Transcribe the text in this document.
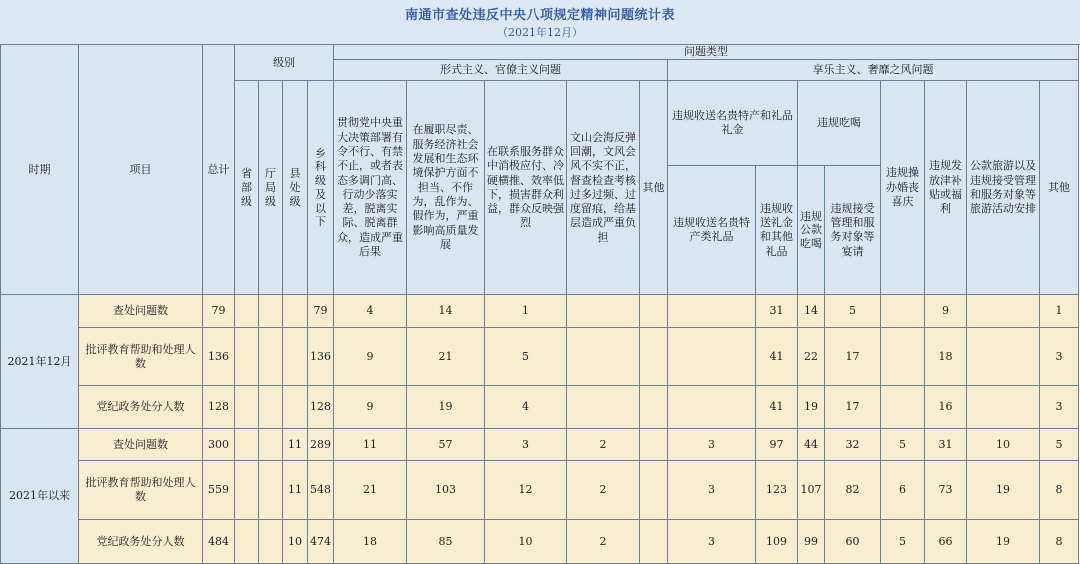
南通市查处违反中央八项规定精神问题统计表
（2021年12月）
时期	项目	总计	级别				问题类型												
							形式主义、官僚主义问题					享乐主义、奢靡之风问题							
			省部级	厅局级	县处级	乡科级及以下	贯彻党中央重大决策部署有令不行、有禁不止，或者表态多调门高、行动少落实差，脱离实际、脱离群众，造成严重后果	在履职尽责、服务经济社会发展和生态环境保护方面不担当、不作为，乱作为、假作为，严重影响高质量发展	在联系服务群众中消极应付、冷硬横推、效率低下，损害群众利益，群众反映强烈	文山会海反弹回潮，文风会风不实不正，督查检查考核过多过频、过度留痕，给基层造成严重负担	其他	违规收送名贵特产和礼品礼金		违规吃喝		违规操办婚丧喜庆	违规发放津补贴或福利	公款旅游以及违规接受管理和服务对象等旅游活动安排	其他
												违规收送名贵特产类礼品	违规收送礼金和其他礼品	违规公款吃喝	违规接受管理和服务对象等宴请				
2021年12月	查处问题数	79				79	4	14	1				31	14	5		9		1
	批评教育帮助和处理人数	136				136	9	21	5				41	22	17		18		3
	党纪政务处分人数	128				128	9	19	4				41	19	17		16		3
2021年以来	查处问题数	300			11	289	11	57	3	2		3	97	44	32	5	31	10	5
	批评教育帮助和处理人数	559			11	548	21	103	12	2		3	123	107	82	6	73	19	8
	党纪政务处分人数	484			10	474	18	85	10	2		3	109	99	60	5	66	19	8
